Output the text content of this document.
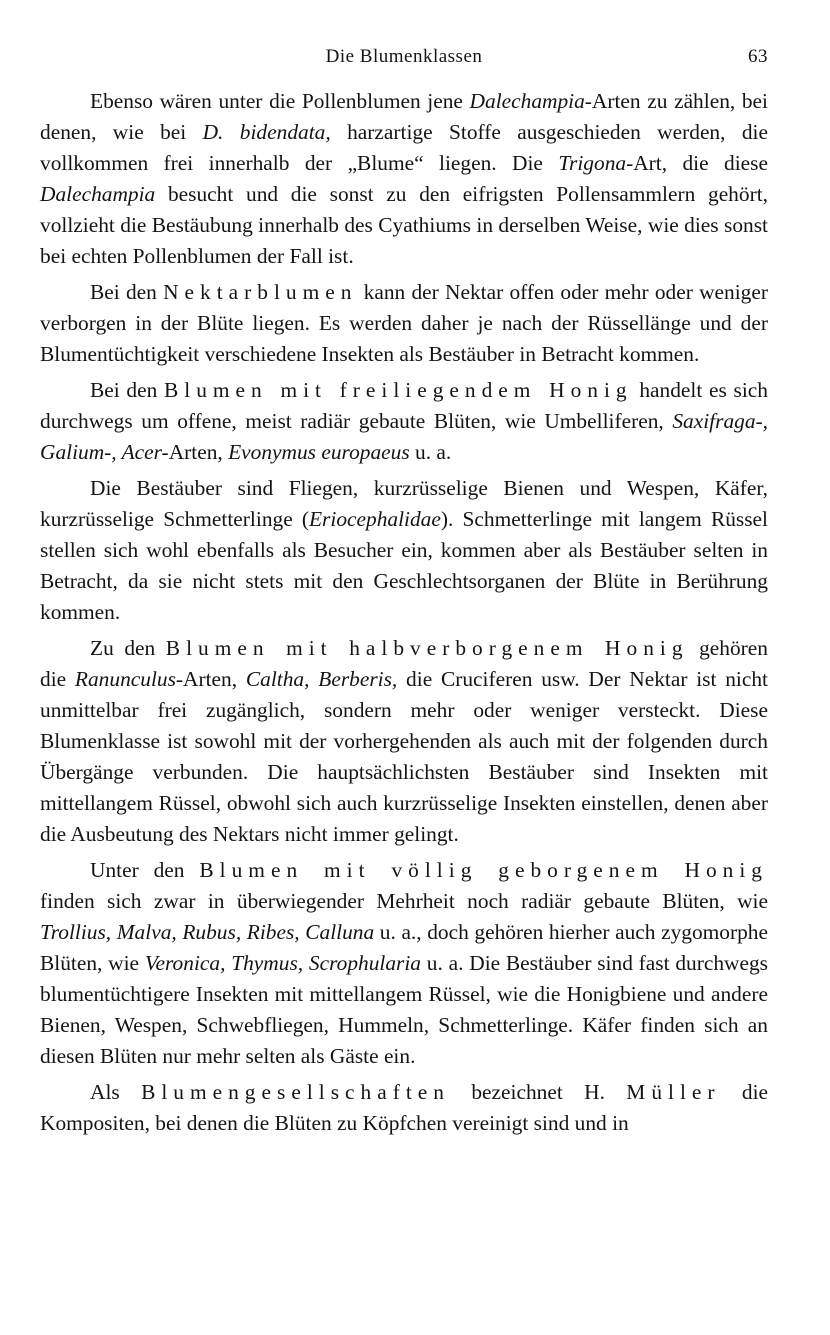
Die Blumenklassen	63

Ebenso wären unter die Pollenblumen jene Dalechampia-Arten zu zählen, bei denen, wie bei D. bidendata, harzartige Stoffe ausgeschieden werden, die vollkommen frei innerhalb der „Blume“ liegen. Die Trigona-Art, die diese Dalechampia besucht und die sonst zu den eifrigsten Pollensammlern gehört, vollzieht die Bestäubung innerhalb des Cyathiums in derselben Weise, wie dies sonst bei echten Pollenblumen der Fall ist.

Bei den Nektarblumen kann der Nektar offen oder mehr oder weniger verborgen in der Blüte liegen. Es werden daher je nach der Rüssellänge und der Blumentüchtigkeit verschiedene Insekten als Bestäuber in Betracht kommen.

Bei den Blumen mit freiliegendem Honig handelt es sich durchwegs um offene, meist radiär gebaute Blüten, wie Umbelliferen, Saxifraga-, Galium-, Acer-Arten, Evonymus europaeus u. a.

Die Bestäuber sind Fliegen, kurzrüsselige Bienen und Wespen, Käfer, kurzrüsselige Schmetterlinge (Eriocephalidae). Schmetterlinge mit langem Rüssel stellen sich wohl ebenfalls als Besucher ein, kommen aber als Bestäuber selten in Betracht, da sie nicht stets mit den Geschlechtsorganen der Blüte in Berührung kommen.

Zu den Blumen mit halbverborgenem Honig gehören die Ranunculus-Arten, Caltha, Berberis, die Cruciferen usw. Der Nektar ist nicht unmittelbar frei zugänglich, sondern mehr oder weniger versteckt. Diese Blumenklasse ist sowohl mit der vorhergehenden als auch mit der folgenden durch Übergänge verbunden. Die hauptsächlichsten Bestäuber sind Insekten mit mittellangem Rüssel, obwohl sich auch kurzrüsselige Insekten einstellen, denen aber die Ausbeutung des Nektars nicht immer gelingt.

Unter den Blumen mit völlig geborgenem Honig finden sich zwar in überwiegender Mehrheit noch radiär gebaute Blüten, wie Trollius, Malva, Rubus, Ribes, Calluna u. a., doch gehören hierher auch zygomorphe Blüten, wie Veronica, Thymus, Scrophularia u. a. Die Bestäuber sind fast durchwegs blumentüchtigere Insekten mit mittellangem Rüssel, wie die Honigbiene und andere Bienen, Wespen, Schwebfliegen, Hummeln, Schmetterlinge. Käfer finden sich an diesen Blüten nur mehr selten als Gäste ein.

Als Blumengesellschaften bezeichnet H. Müller die Kompositen, bei denen die Blüten zu Köpfchen vereinigt sind und in
